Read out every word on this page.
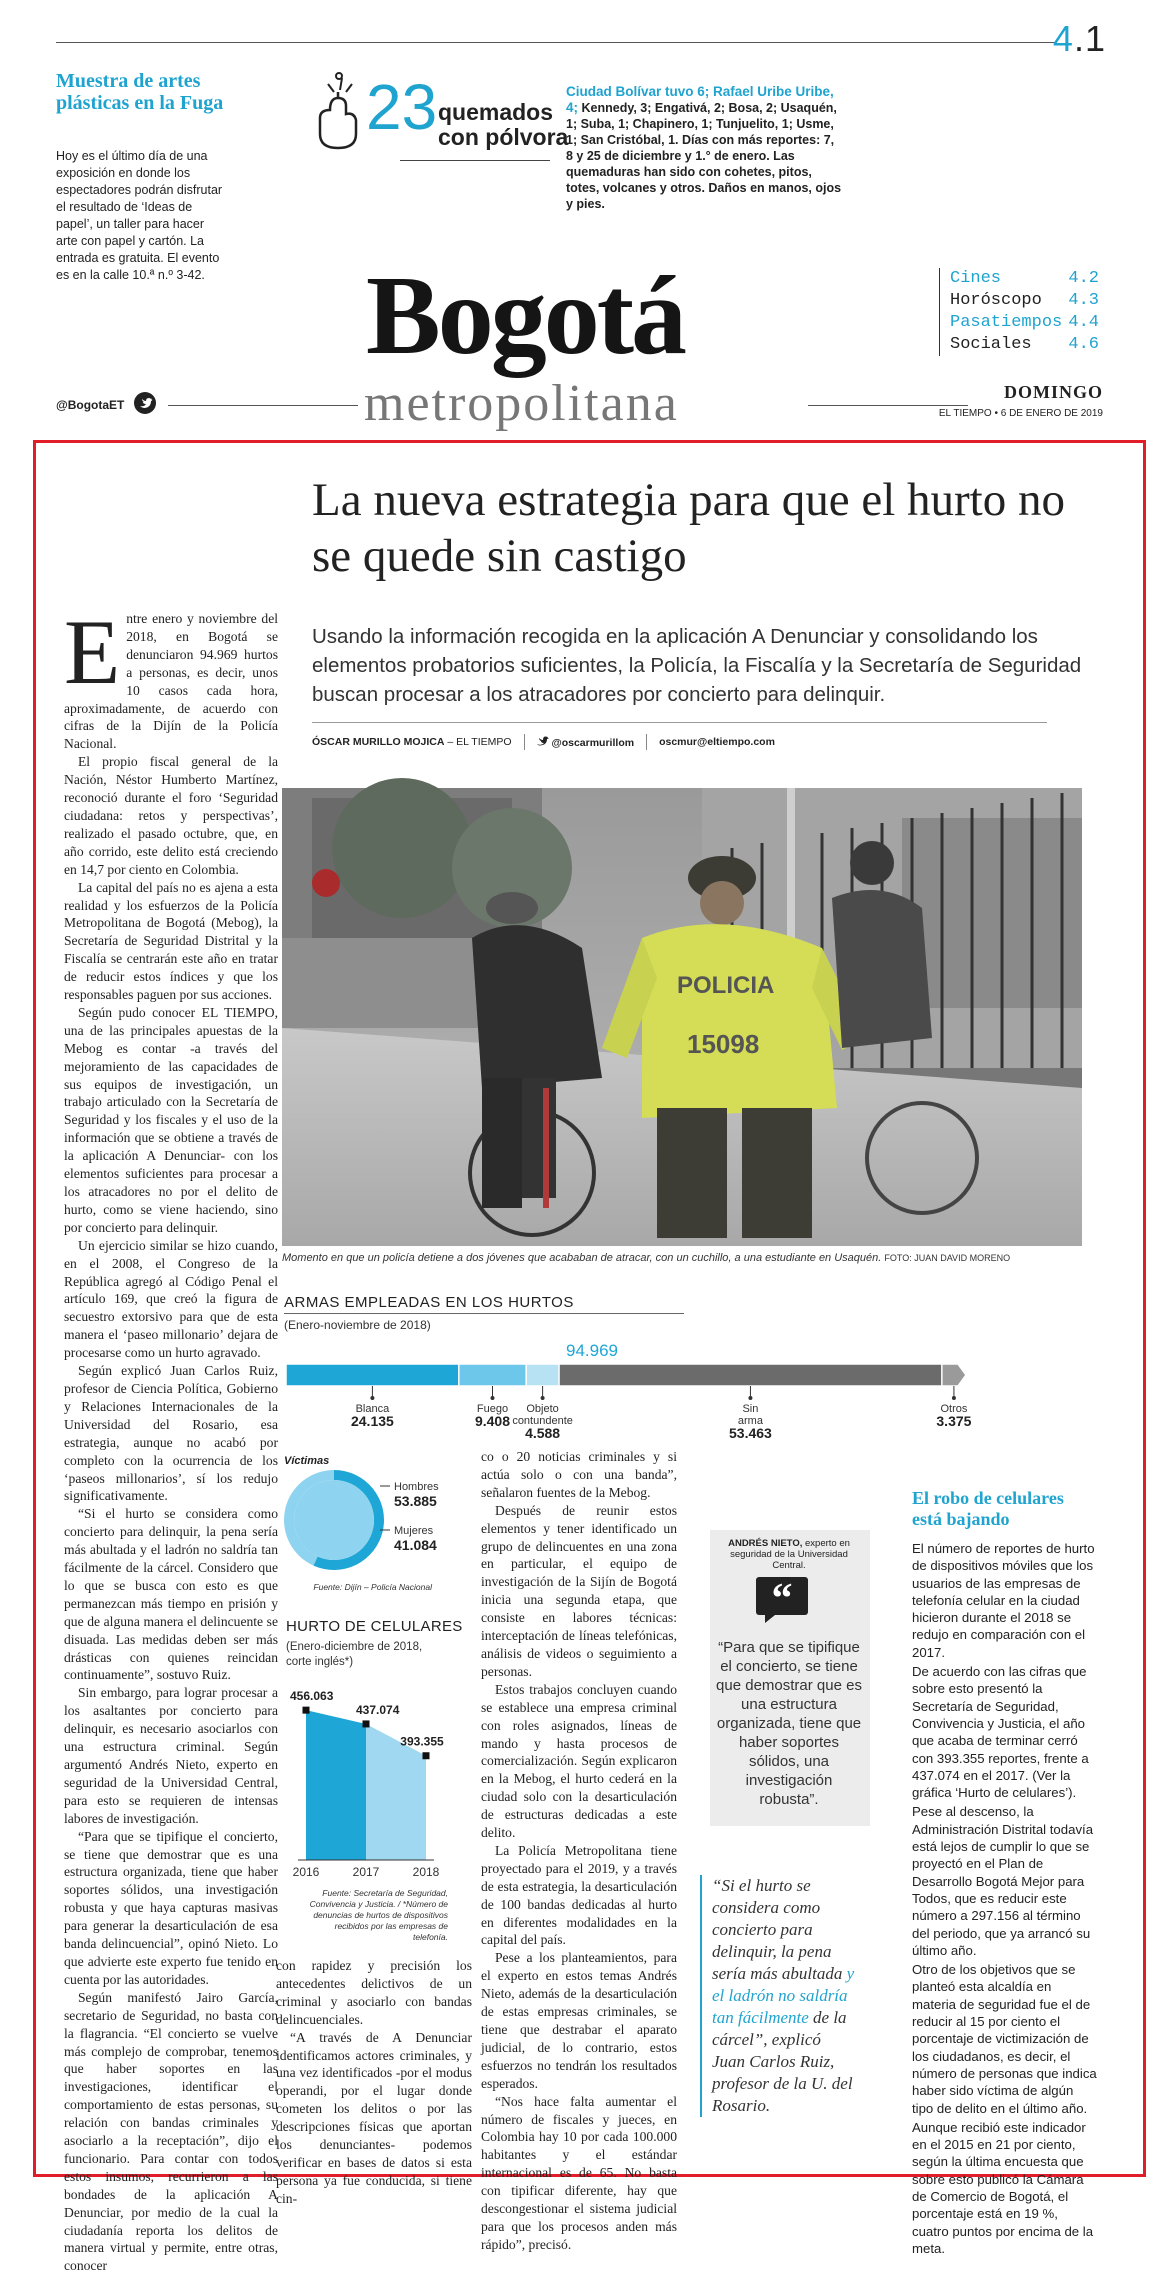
4.1
Muestra de artes plásticas en la Fuga
Hoy es el último día de una exposición en donde los espectadores podrán disfrutar el resultado de ‘Ideas de papel’, un taller para hacer arte con papel y cartón. La entrada es gratuita. El evento es en la calle 10.ª n.º 3-42.
23 quemados
con pólvora
Ciudad Bolívar tuvo 6; Rafael Uribe Uribe, 4; Kennedy, 3; Engativá, 2; Bosa, 2; Usaquén, 1; Suba, 1; Chapinero, 1; Tunjuelito, 1; Usme, 1; San Cristóbal, 1. Días con más reportes: 7, 8 y 25 de diciembre y 1.° de enero. Las quemaduras han sido con cohetes, pitos, totes, volcanes y otros. Daños en manos, ojos y pies.
Bogotá
metropolitana
Cines	4.2
Horóscopo 4.3
Pasatiempos 4.4
Sociales 4.6
@BogotaET
DOMINGO
EL TIEMPO • 6 DE ENERO DE 2019
La nueva estrategia para que el hurto no se quede sin castigo
Usando la información recogida en la aplicación A Denunciar y consolidando los elementos probatorios suficientes, la Policía, la Fiscalía y la Secretaría de Seguridad buscan procesar a los atracadores por concierto para delinquir.
ÓSCAR MURILLO MOJICA – EL TIEMPO	@oscarmurillom oscmur@eltiempo.com
E ntre enero y noviembre del 2018, en Bogotá se denunciaron 94.969 hurtos a personas, es decir, unos 10 casos cada hora, aproximadamente, de acuerdo con cifras de la Dijín de la Policía Nacional.

El propio fiscal general de la Nación, Néstor Humberto Martínez, reconoció durante el foro ‘Seguridad ciudadana: retos y perspectivas’, realizado el pasado octubre, que, en año corrido, este delito está creciendo en 14,7 por ciento en Colombia.

La capital del país no es ajena a esta realidad y los esfuerzos de la Policía Metropolitana de Bogotá (Mebog), la Secretaría de Seguridad Distrital y la Fiscalía se centrarán este año en tratar de reducir estos índices y que los responsables paguen por sus acciones.

Según pudo conocer EL TIEMPO, una de las principales apuestas de la Mebog es contar -a través del mejoramiento de las capacidades de sus equipos de investigación, un trabajo articulado con la Secretaría de Seguridad y los fiscales y el uso de la información que se obtiene a través de la aplicación A Denunciar- con los elementos suficientes para procesar a los atracadores no por el delito de hurto, como se viene haciendo, sino por concierto para delinquir.

Un ejercicio similar se hizo cuando, en el 2008, el Congreso de la República agregó al Código Penal el artículo 169, que creó la figura de secuestro extorsivo para que de esta manera el ‘paseo millonario’ dejara de procesarse como un hurto agravado.

Según explicó Juan Carlos Ruiz, profesor de Ciencia Política, Gobierno y Relaciones Internacionales de la Universidad del Rosario, esa estrategia, aunque no acabó por completo con la ocurrencia de los ‘paseos millonarios’, sí los redujo significativamente.

“Si el hurto se considera como concierto para delinquir, la pena sería más abultada y el ladrón no saldría tan fácilmente de la cárcel. Considero que lo que se busca con esto es que permanezcan más tiempo en prisión y que de alguna manera el delincuente se disuada. Las medidas deben ser más drásticas con quienes reincidan continuamente”, sostuvo Ruiz.

Sin embargo, para lograr procesar a los asaltantes por concierto para delinquir, es necesario asociarlos con una estructura criminal. Según argumentó Andrés Nieto, experto en seguridad de la Universidad Central, para esto se requieren de intensas labores de investigación.

“Para que se tipifique el concierto, se tiene que demostrar que es una estructura organizada, tiene que haber soportes sólidos, una investigación robusta y que haya capturas masivas para generar la desarticulación de esa banda delincuencial”, opinó Nieto. Lo que advierte este experto fue tenido en cuenta por las autoridades.

Según manifestó Jairo García, secretario de Seguridad, no basta con la flagrancia. “El concierto se vuelve más complejo de comprobar, tenemos que haber soportes en las investigaciones, identificar el comportamiento de estas personas, su relación con bandas criminales y asociarlo a la receptación”, dijo el funcionario. Para contar con todos estos insumos, recurrieron a las bondades de la aplicación A Denunciar, por medio de la cual la ciudadanía reporta los delitos de manera virtual y permite, entre otras, conocer

POLICIA
15098
Momento en que un policía detiene a dos jóvenes que acababan de atracar, con un cuchillo, a una estudiante en Usaquén. FOTO: JUAN DAVID MORENO
ARMAS EMPLEADAS EN LOS HURTOS
(Enero-noviembre de 2018)
94.969
Blanca
24.135
Fuego
9.408
Objeto
contundente
4.588
Sin
arma
53.463
Otros
3.375
Víctimas
Hombres
53.885
Mujeres
41.084
Fuente: Dijín – Policía Nacional
HURTO DE CELULARES
(Enero-diciembre de 2018, corte inglés*)
456.063
2016
437.074
2017
393.355
2018
Fuente: Secretaría de Seguridad, Convivencia y Justicia. / *Número de denuncias de hurtos de dispositivos recibidos por las empresas de telefonía.

con rapidez y precisión los antecedentes delictivos de un criminal y asociarlo con bandas delincuenciales.

“A través de A Denunciar identificamos actores criminales, y una vez identificados -por el modus operandi, por el lugar donde cometen los delitos o por las descripciones físicas que aportan los denunciantes- podemos verificar en bases de datos si esta persona ya fue conducida, si tiene cin-

co o 20 noticias criminales y si actúa solo o con una banda”, señalaron fuentes de la Mebog.

Después de reunir estos elementos y tener identificado un grupo de delincuentes en una zona en particular, el equipo de investigación de la Sijín de Bogotá inicia una segunda etapa, que consiste en labores técnicas: interceptación de líneas telefónicas, análisis de videos o seguimiento a personas.

Estos trabajos concluyen cuando se establece una empresa criminal con roles asignados, líneas de mando y hasta procesos de comercialización. Según explicaron en la Mebog, el hurto cederá en la ciudad solo con la desarticulación de estructuras dedicadas a este delito.

La Policía Metropolitana tiene proyectado para el 2019, y a través de esta estrategia, la desarticulación de 100 bandas dedicadas al hurto en diferentes modalidades en la capital del país.

Pese a los planteamientos, para el experto en estos temas Andrés Nieto, además de la desarticulación de estas empresas criminales, se tiene que destrabar el aparato judicial, de lo contrario, estos esfuerzos no tendrán los resultados esperados.

“Nos hace falta aumentar el número de fiscales y jueces, en Colombia hay 10 por cada 100.000 habitantes y el estándar internacional es de 65. No basta con tipificar diferente, hay que descongestionar el sistema judicial para que los procesos anden más rápido”, precisó.

ANDRÉS NIETO, experto en seguridad de la Universidad Central.
“
“Para que se tipifique el concierto, se tiene que demostrar que es una estructura organizada, tiene que haber soportes sólidos, una investigación robusta”.
“Si el hurto se considera como concierto para delinquir, la pena sería más abultada y el ladrón no saldría tan fácilmente de la cárcel”, explicó Juan Carlos Ruiz, profesor de la U. del Rosario.
El robo de celulares está bajando

El número de reportes de hurto de dispositivos móviles que los usuarios de las empresas de telefonía celular en la ciudad hicieron durante el 2018 se redujo en comparación con el 2017.

De acuerdo con las cifras que sobre esto presentó la Secretaría de Seguridad, Convivencia y Justicia, el año que acaba de terminar cerró con 393.355 reportes, frente a 437.074 en el 2017. (Ver la gráfica ‘Hurto de celulares’).

Pese al descenso, la Administración Distrital todavía está lejos de cumplir lo que se proyectó en el Plan de Desarrollo Bogotá Mejor para Todos, que es reducir este número a 297.156 al término del periodo, que ya arrancó su último año.

Otro de los objetivos que se planteó esta alcaldía en materia de seguridad fue el de reducir al 15 por ciento el porcentaje de victimización de los ciudadanos, es decir, el número de personas que indica haber sido víctima de algún tipo de delito en el último año.

Aunque recibió este indicador en el 2015 en 21 por ciento, según la última encuesta que sobre esto publicó la Cámara de Comercio de Bogotá, el porcentaje está en 19 %, cuatro puntos por encima de la meta.
